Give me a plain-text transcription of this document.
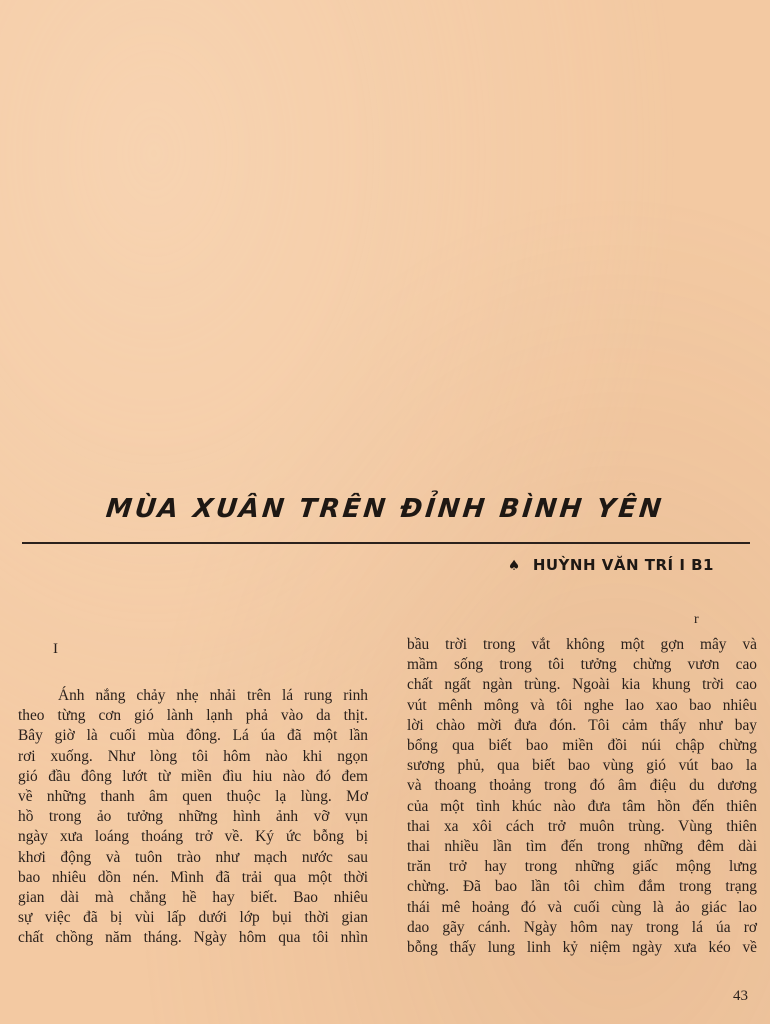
MÙA XUÂN TRÊN ĐỈNH BÌNH YÊN
♠ HUỲNH VĂN TRÍ I B1
r
I
Ánh nắng chảy nhẹ nhải trên lá rung rinh
theo từng cơn gió lành lạnh phả vào da thịt.
Bây giờ là cuối mùa đông. Lá úa đã một lần
rơi xuống. Như lòng tôi hôm nào khi ngọn
gió đầu đông lướt từ miền đìu hiu nào đó đem
về những thanh âm quen thuộc lạ lùng. Mơ
hồ trong ảo tưởng những hình ảnh vỡ vụn
ngày xưa loáng thoáng trở về. Ký ức bỗng bị
khơi động và tuôn trào như mạch nước sau
bao nhiêu dồn nén. Mình đã trải qua một thời
gian dài mà chẳng hề hay biết. Bao nhiêu
sự việc đã bị vùi lấp dưới lớp bụi thời gian
chất chồng năm tháng. Ngày hôm qua tôi nhìn
bầu trời trong vắt không một gợn mây và
mầm sống trong tôi tưởng chừng vươn cao
chất ngất ngàn trùng. Ngoài kia khung trời cao
vút mênh mông và tôi nghe lao xao bao nhiêu
lời chào mời đưa đón. Tôi cảm thấy như bay
bổng qua biết bao miền đồi núi chập chừng
sương phủ, qua biết bao vùng gió vút bao la
và thoang thoảng trong đó âm điệu du dương
của một tình khúc nào đưa tâm hồn đến thiên
thai xa xôi cách trở muôn trùng. Vùng thiên
thai nhiều lần tìm đến trong những đêm dài
trăn trở hay trong những giấc mộng lưng
chừng. Đã bao lần tôi chìm đắm trong trạng
thái mê hoảng đó và cuối cùng là ảo giác lao
dao gãy cánh. Ngày hôm nay trong lá úa rơ
bỗng thấy lung linh kỷ niệm ngày xưa kéo về
43
